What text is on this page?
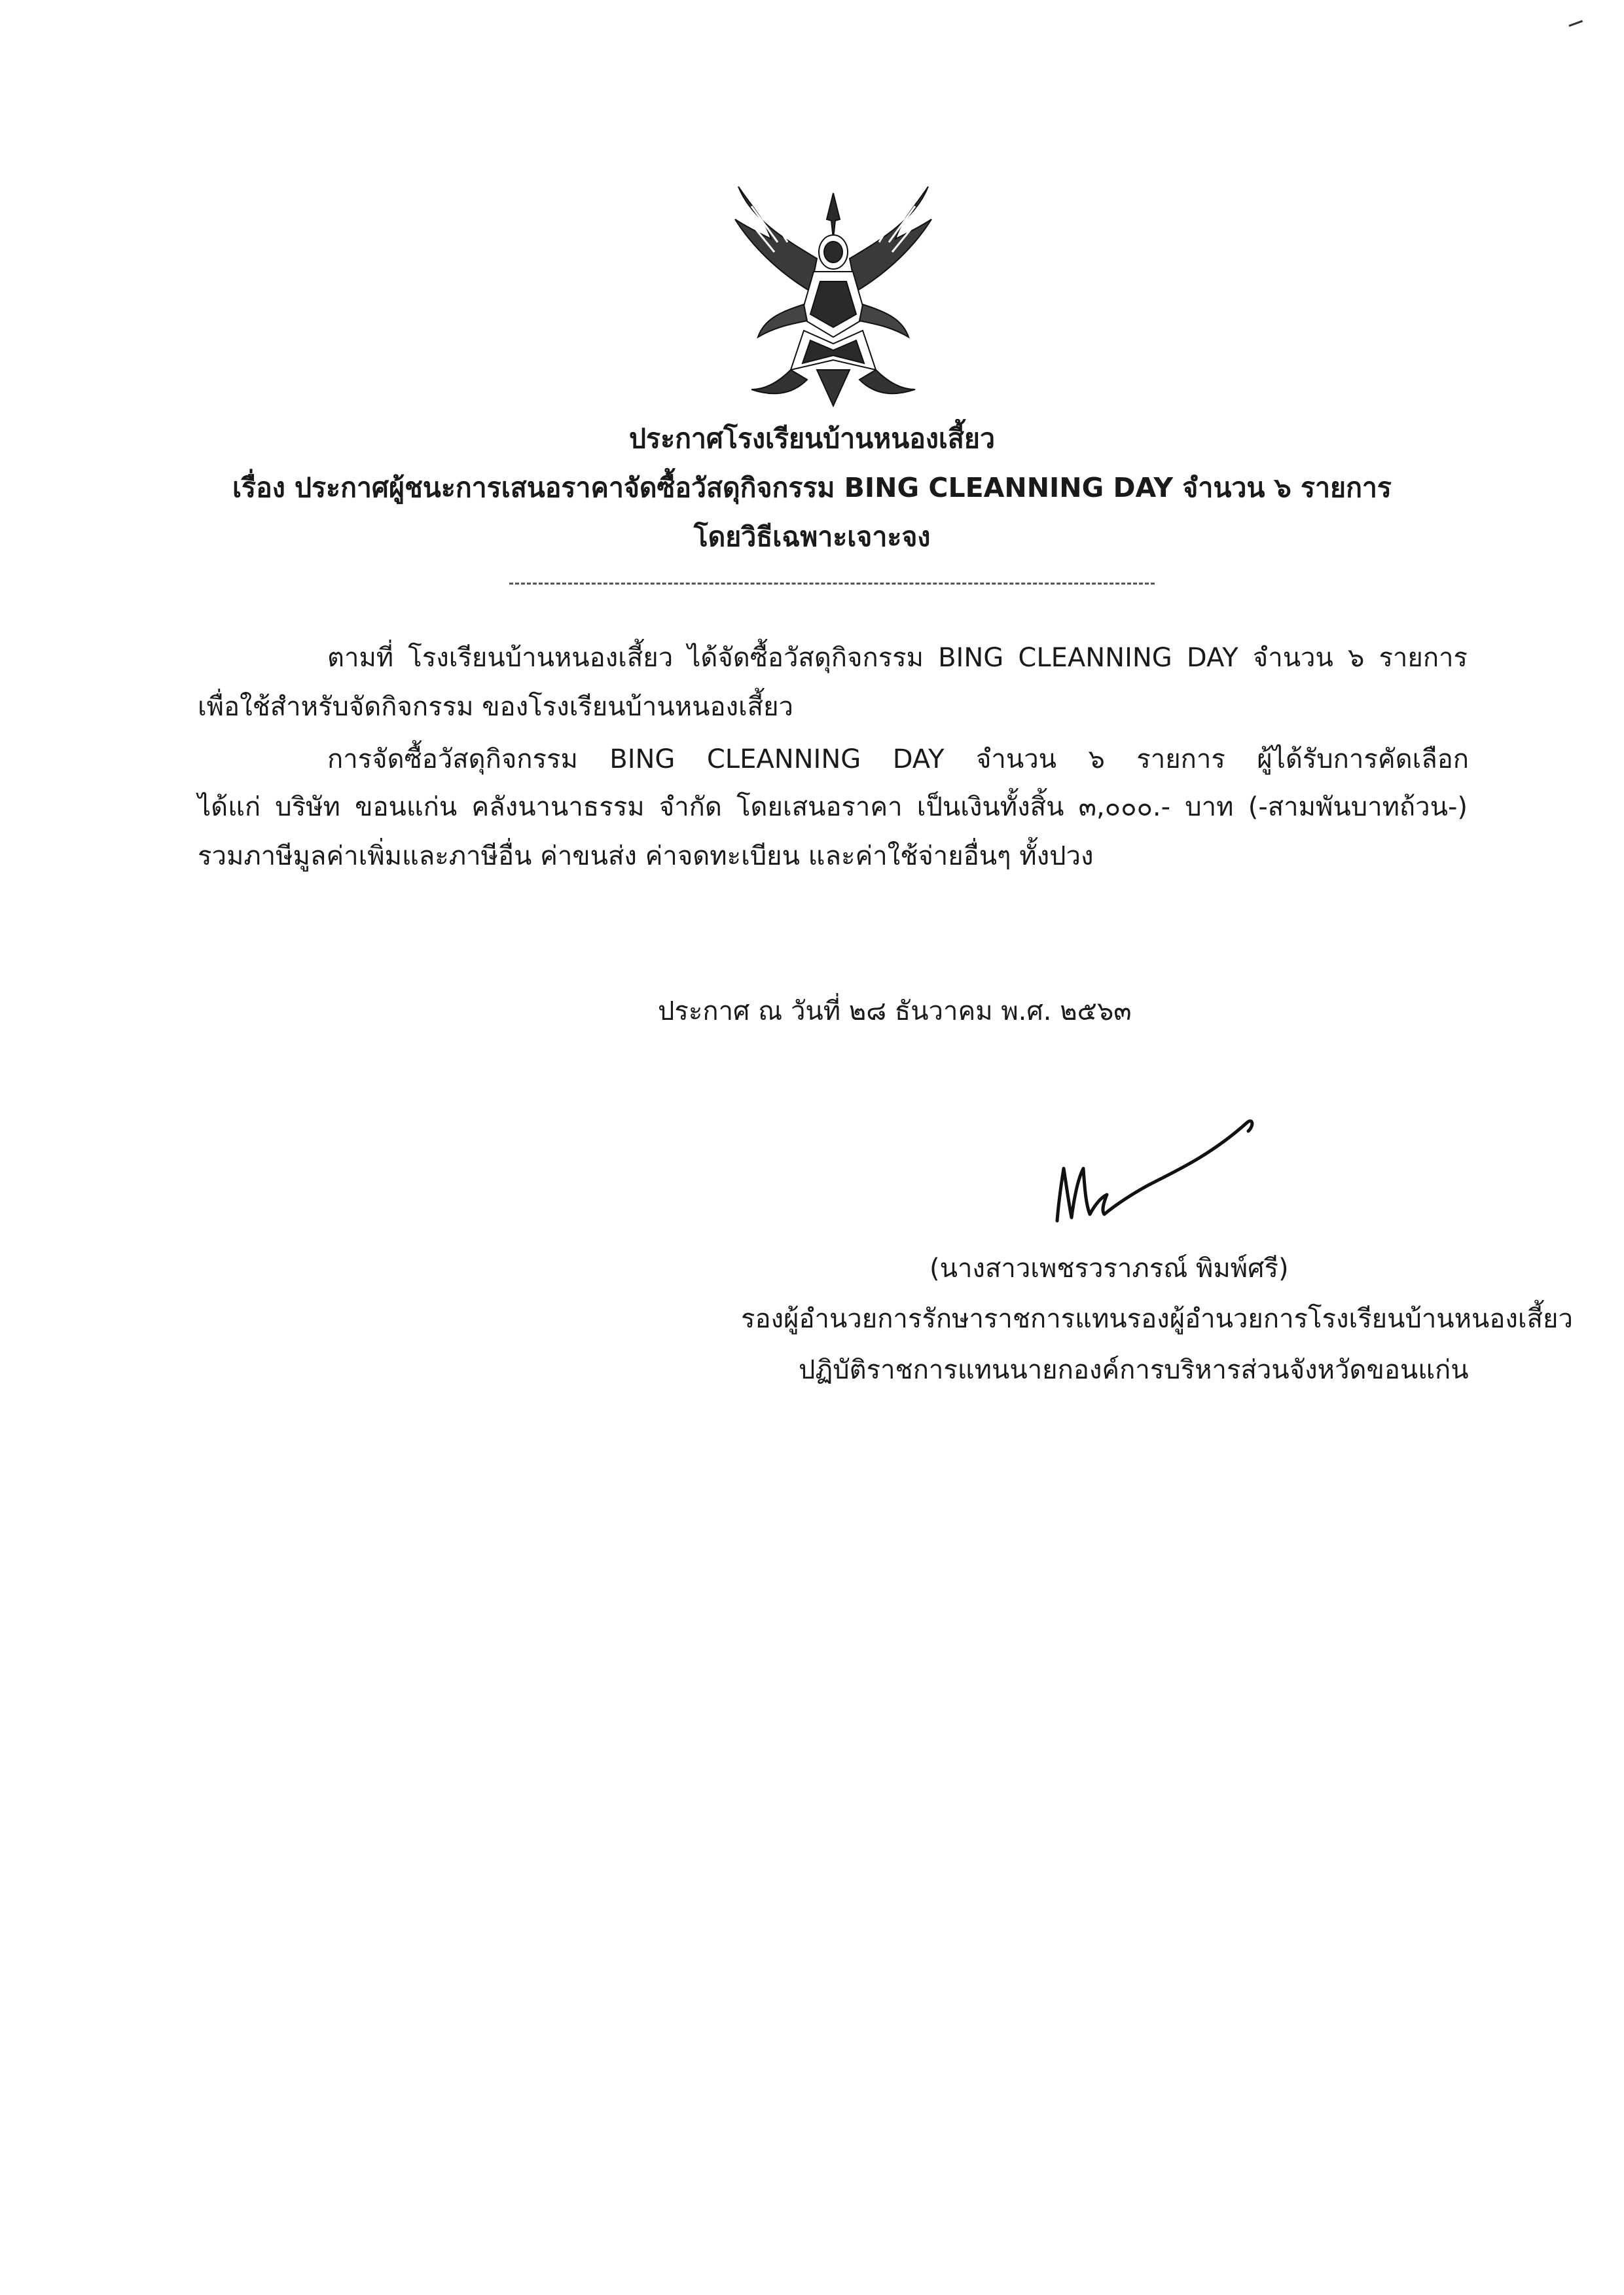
ประกาศโรงเรียนบ้านหนองเสี้ยว
เรื่อง ประกาศผู้ชนะการเสนอราคาจัดซื้อวัสดุกิจกรรม BING CLEANNING DAY จำนวน ๖ รายการ
โดยวิธีเฉพาะเจาะจง
ตามที่ โรงเรียนบ้านหนองเสี้ยว ได้จัดซื้อวัสดุกิจกรรม BING CLEANNING DAY จำนวน ๖ รายการ
เพื่อใช้สำหรับจัดกิจกรรม ของโรงเรียนบ้านหนองเสี้ยว
การจัดซื้อวัสดุกิจกรรม BING CLEANNING DAY จำนวน ๖ รายการ ผู้ได้รับการคัดเลือก
ได้แก่ บริษัท ขอนแก่น คลังนานาธรรม จำกัด โดยเสนอราคา เป็นเงินทั้งสิ้น ๓,๐๐๐.- บาท (-สามพันบาทถ้วน-)
รวมภาษีมูลค่าเพิ่มและภาษีอื่น ค่าขนส่ง ค่าจดทะเบียน และค่าใช้จ่ายอื่นๆ ทั้งปวง
ประกาศ ณ วันที่ ๒๘ ธันวาคม พ.ศ. ๒๕๖๓
(นางสาวเพชรวราภรณ์ พิมพ์ศรี)
รองผู้อำนวยการรักษาราชการแทนรองผู้อำนวยการโรงเรียนบ้านหนองเสี้ยว
ปฏิบัติราชการแทนนายกองค์การบริหารส่วนจังหวัดขอนแก่น
